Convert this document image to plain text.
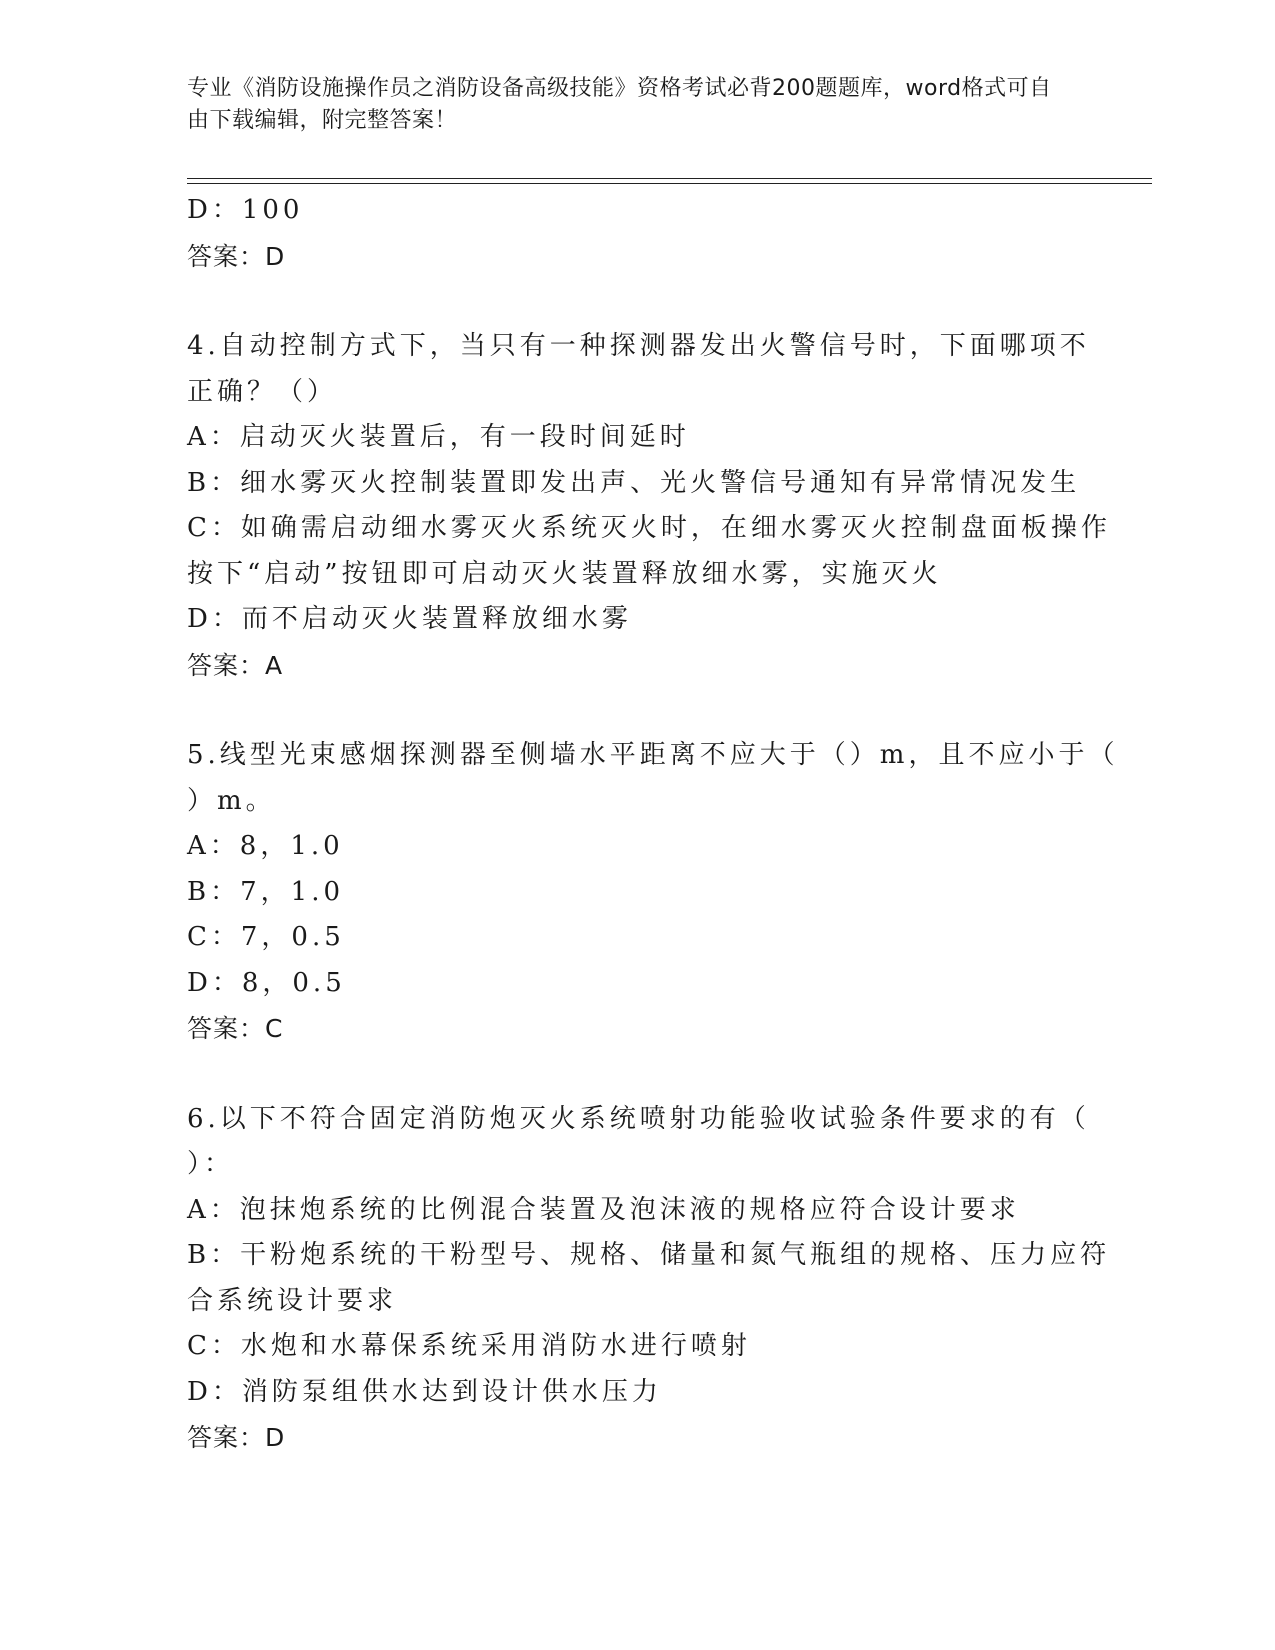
专业《消防设施操作员之消防设备高级技能》资格考试必背200题题库，word格式可自由下载编辑，附完整答案！
D：100
答案：D
4.自动控制方式下，当只有一种探测器发出火警信号时，下面哪项不
正确？（）
A：启动灭火装置后，有一段时间延时
B：细水雾灭火控制装置即发出声、光火警信号通知有异常情况发生
C：如确需启动细水雾灭火系统灭火时，在细水雾灭火控制盘面板操作
按下“启动”按钮即可启动灭火装置释放细水雾，实施灭火
D：而不启动灭火装置释放细水雾
答案：A
5.线型光束感烟探测器至侧墙水平距离不应大于（）m，且不应小于（
）m。
A：8，1.0
B：7，1.0
C：7，0.5
D：8，0.5
答案：C
6.以下不符合固定消防炮灭火系统喷射功能验收试验条件要求的有（
）：
A：泡抹炮系统的比例混合装置及泡沫液的规格应符合设计要求
B：干粉炮系统的干粉型号、规格、储量和氮气瓶组的规格、压力应符
合系统设计要求
C：水炮和水幕保系统采用消防水进行喷射
D：消防泵组供水达到设计供水压力
答案：D
